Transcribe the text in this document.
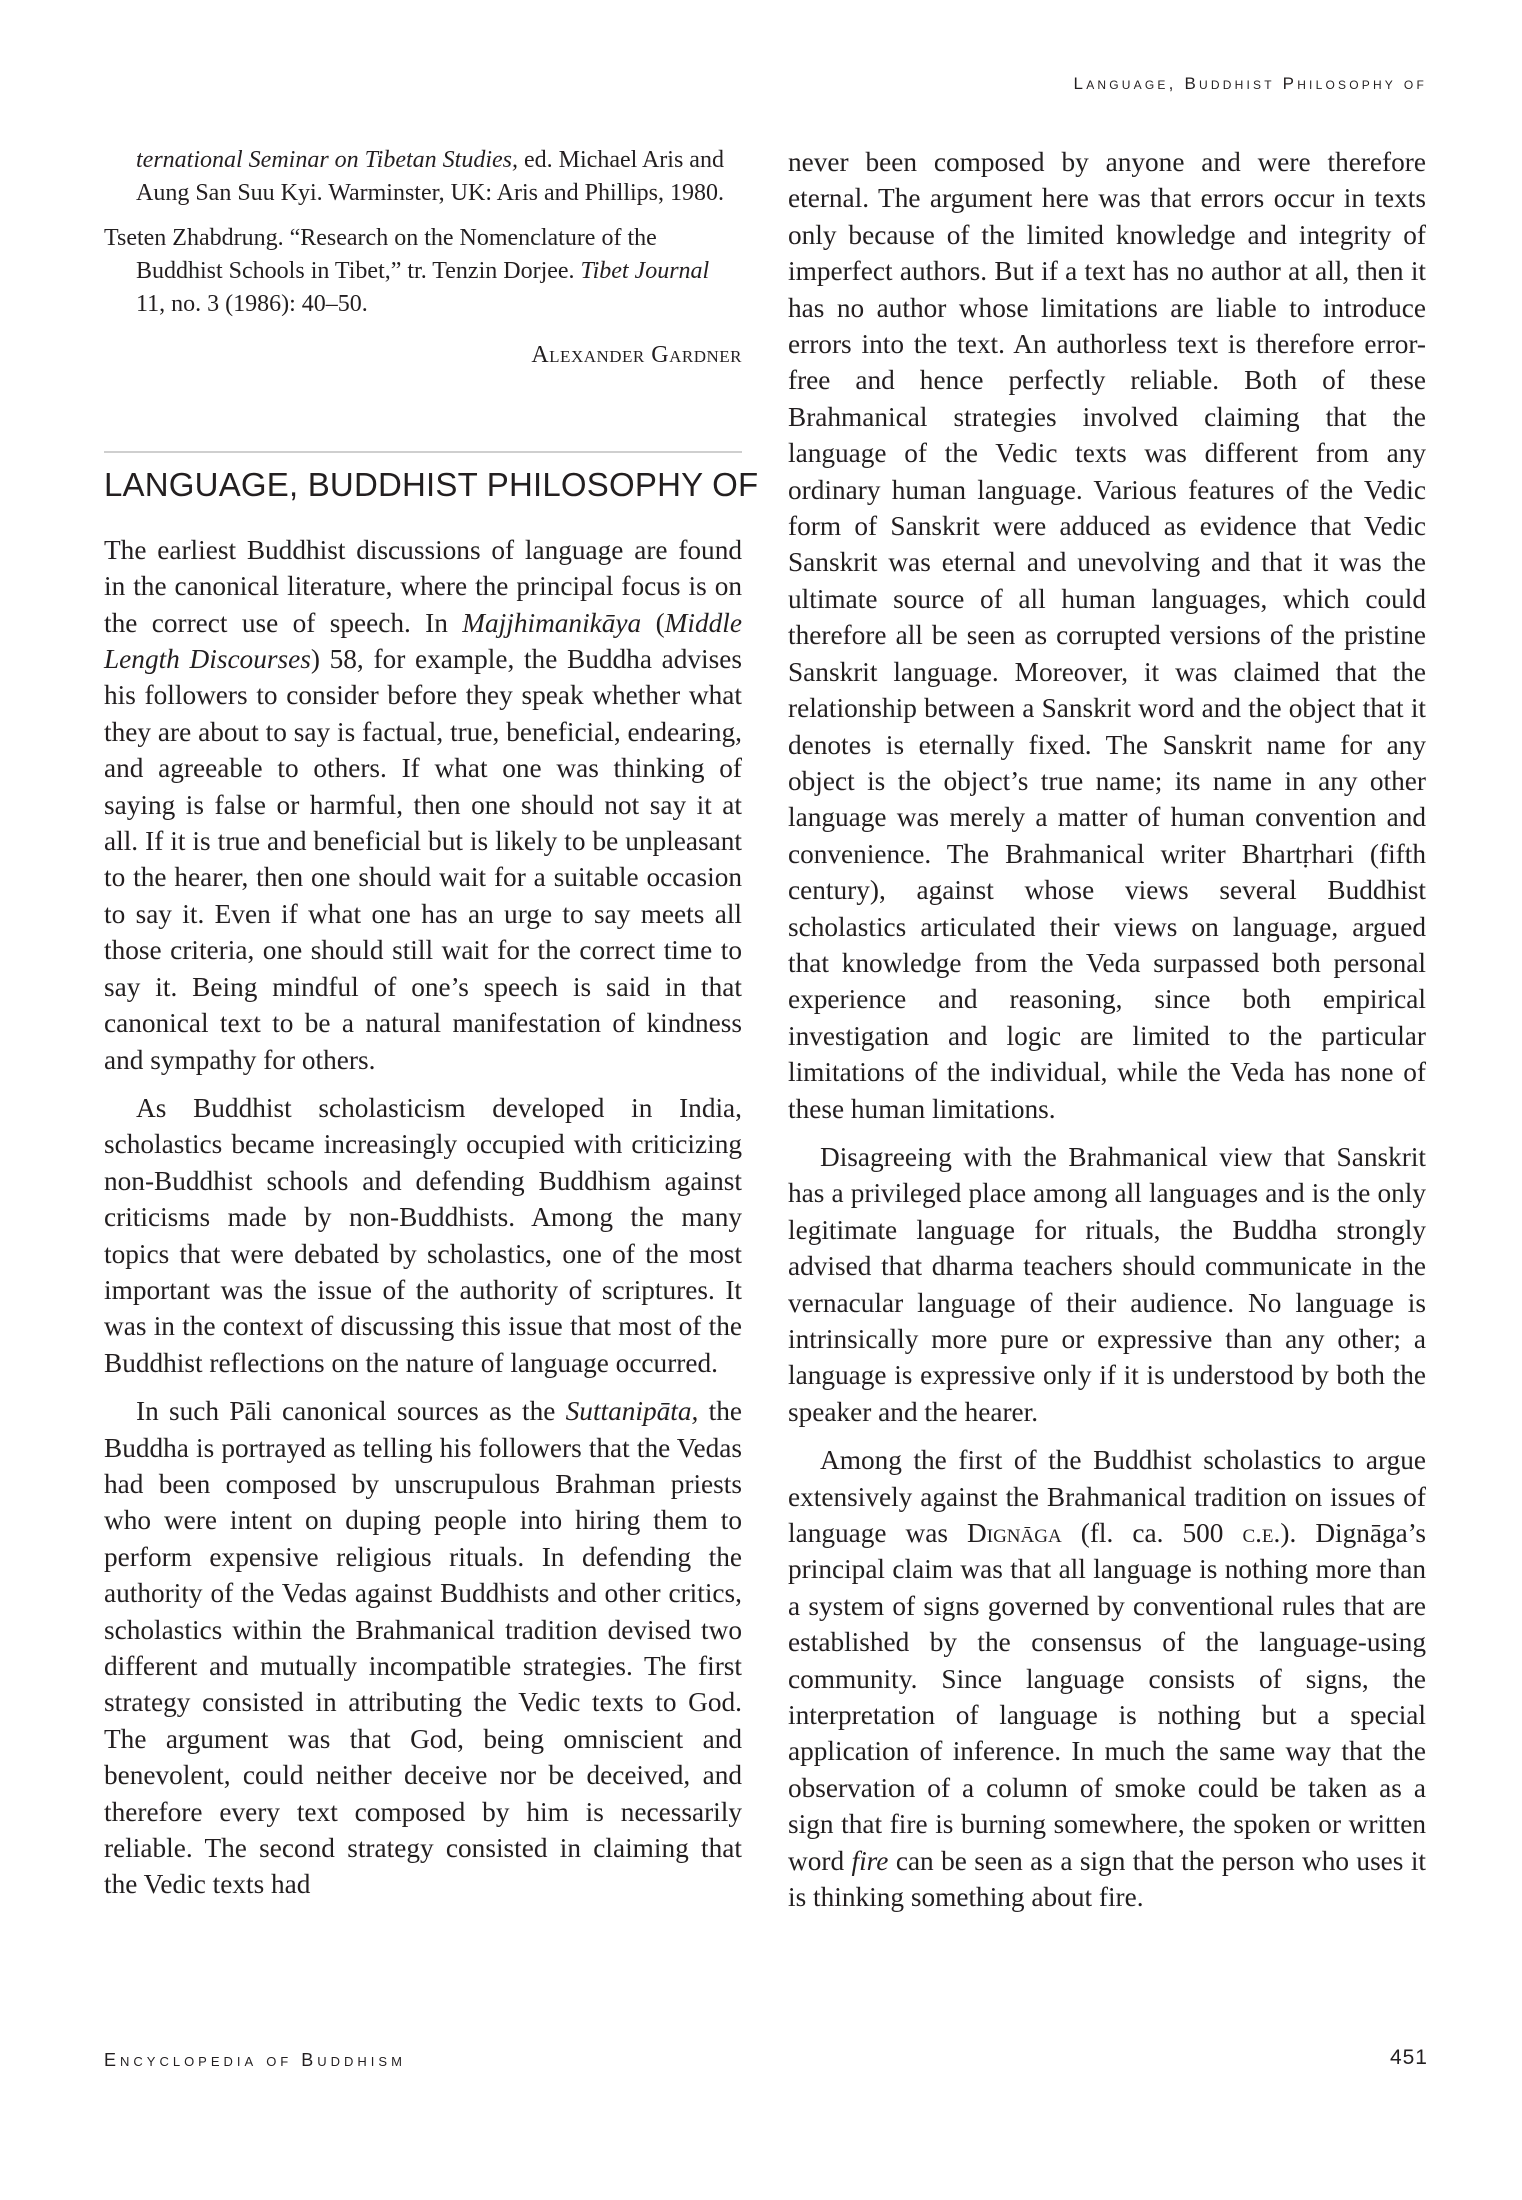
Language, Buddhist Philosophy of

ternational Seminar on Tibetan Studies, ed. Michael Aris and Aung San Suu Kyi. Warminster, UK: Aris and Phillips, 1980.

Tseten Zhabdrung. “Research on the Nomenclature of the Buddhist Schools in Tibet,” tr. Tenzin Dorjee. Tibet Journal 11, no. 3 (1986): 40–50.

Alexander Gardner
LANGUAGE, BUDDHIST PHILOSOPHY OF

The earliest Buddhist discussions of language are found in the canonical literature, where the principal focus is on the correct use of speech. In Majjhimanikāya (Middle Length Discourses) 58, for example, the Buddha advises his followers to consider before they speak whether what they are about to say is factual, true, beneficial, endearing, and agreeable to others. If what one was thinking of saying is false or harmful, then one should not say it at all. If it is true and beneficial but is likely to be unpleasant to the hearer, then one should wait for a suitable occasion to say it. Even if what one has an urge to say meets all those criteria, one should still wait for the correct time to say it. Being mindful of one’s speech is said in that canonical text to be a natural manifestation of kindness and sympathy for others.

As Buddhist scholasticism developed in India, scholastics became increasingly occupied with criticizing non-Buddhist schools and defending Buddhism against criticisms made by non-Buddhists. Among the many topics that were debated by scholastics, one of the most important was the issue of the authority of scriptures. It was in the context of discussing this issue that most of the Buddhist reflections on the nature of language occurred.

In such Pāli canonical sources as the Suttanipāta, the Buddha is portrayed as telling his followers that the Vedas had been composed by unscrupulous Brahman priests who were intent on duping people into hiring them to perform expensive religious rituals. In defending the authority of the Vedas against Buddhists and other critics, scholastics within the Brahmanical tradition devised two different and mutually incompatible strategies. The first strategy consisted in attributing the Vedic texts to God. The argument was that God, being omniscient and benevolent, could neither deceive nor be deceived, and therefore every text composed by him is necessarily reliable. The second strategy consisted in claiming that the Vedic texts had

never been composed by anyone and were therefore eternal. The argument here was that errors occur in texts only because of the limited knowledge and integrity of imperfect authors. But if a text has no author at all, then it has no author whose limitations are liable to introduce errors into the text. An authorless text is therefore error-free and hence perfectly reliable. Both of these Brahmanical strategies involved claiming that the language of the Vedic texts was different from any ordinary human language. Various features of the Vedic form of Sanskrit were adduced as evidence that Vedic Sanskrit was eternal and unevolving and that it was the ultimate source of all human languages, which could therefore all be seen as corrupted versions of the pristine Sanskrit language. Moreover, it was claimed that the relationship between a Sanskrit word and the object that it denotes is eternally fixed. The Sanskrit name for any object is the object’s true name; its name in any other language was merely a matter of human convention and convenience. The Brahmanical writer Bhartṛhari (fifth century), against whose views several Buddhist scholastics articulated their views on language, argued that knowledge from the Veda surpassed both personal experience and reasoning, since both empirical investigation and logic are limited to the particular limitations of the individual, while the Veda has none of these human limitations.

Disagreeing with the Brahmanical view that Sanskrit has a privileged place among all languages and is the only legitimate language for rituals, the Buddha strongly advised that dharma teachers should communicate in the vernacular language of their audience. No language is intrinsically more pure or expressive than any other; a language is expressive only if it is understood by both the speaker and the hearer.

Among the first of the Buddhist scholastics to argue extensively against the Brahmanical tradition on issues of language was Dignāga (fl. ca. 500 c.e.). Dignāga’s principal claim was that all language is nothing more than a system of signs governed by conventional rules that are established by the consensus of the language-using community. Since language consists of signs, the interpretation of language is nothing but a special application of inference. In much the same way that the observation of a column of smoke could be taken as a sign that fire is burning somewhere, the spoken or written word fire can be seen as a sign that the person who uses it is thinking something about fire.

Encyclopedia of Buddhism	451
